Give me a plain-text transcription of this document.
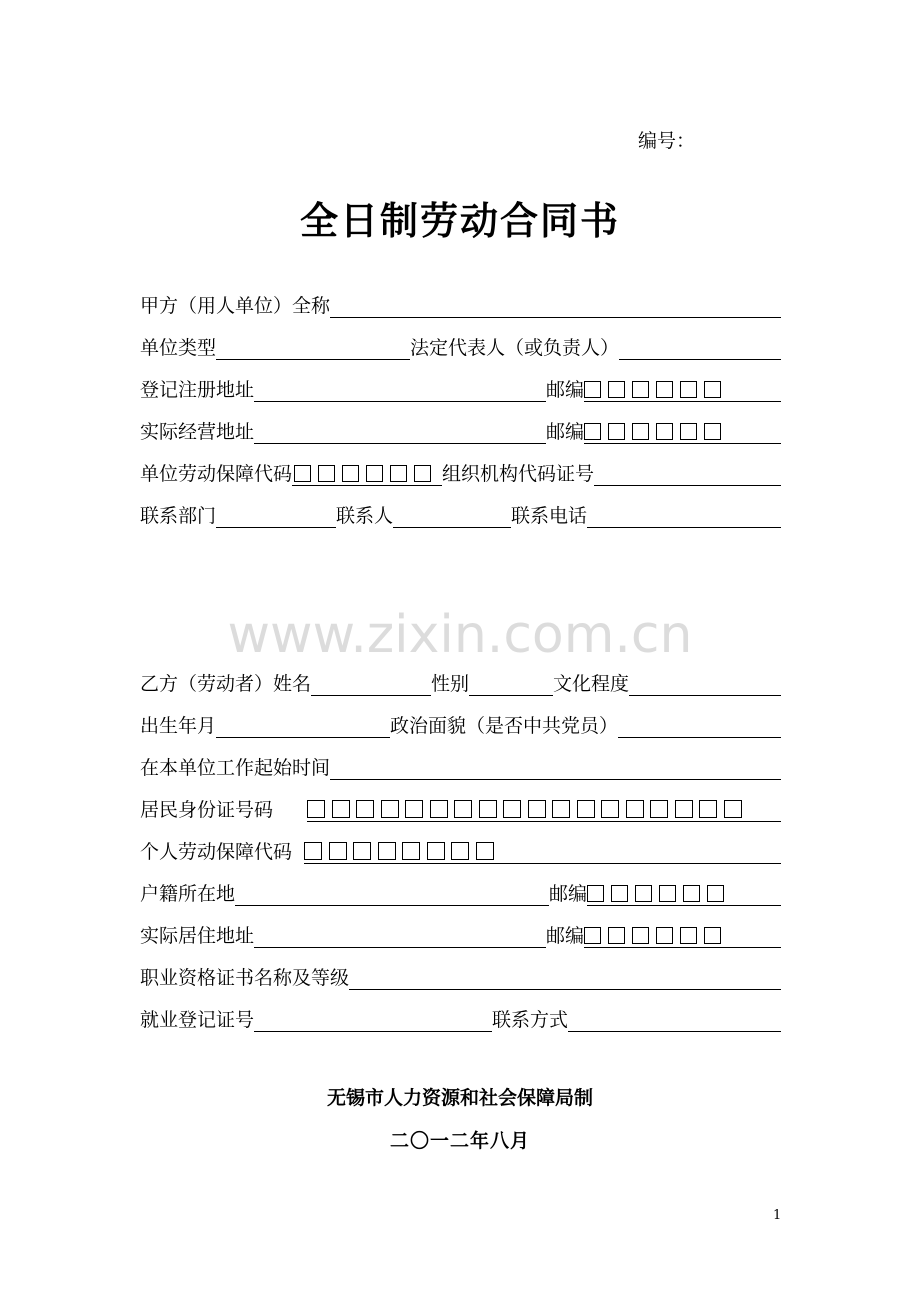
编号：
全日制劳动合同书
甲方（用人单位）全称
单位类型	法定代表人（或负责人）
登记注册地址	邮编
实际经营地址	邮编
单位劳动保障代码	组织机构代码证号
联系部门	联系人	联系电话
www.zixin.com.cn
乙方（劳动者）姓名	性别	文化程度
出生年月	政治面貌（是否中共党员）
在本单位工作起始时间
居民身份证号码
个人劳动保障代码
户籍所在地	邮编
实际居住地址	邮编
职业资格证书名称及等级
就业登记证号	联系方式
无锡市人力资源和社会保障局制
二〇一二年八月
1
